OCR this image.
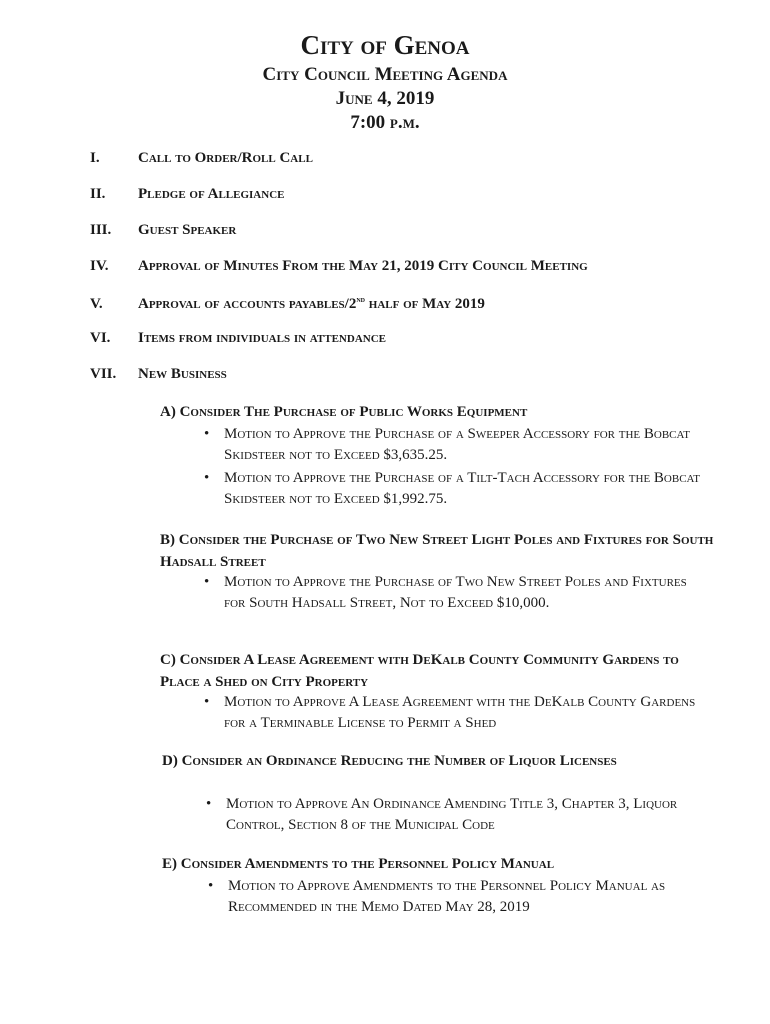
City of Genoa
City Council Meeting Agenda
June 4, 2019
7:00 p.m.
I.	Call to Order/Roll Call
II. Pledge of Allegiance
III. Guest Speaker
IV. Approval of Minutes From the May 21, 2019 City Council Meeting
V. Approval of accounts payables/2nd half of May 2019
VI. Items from individuals in attendance
VII. New Business
A) Consider The Purchase of Public Works Equipment
• Motion to Approve the Purchase of a Sweeper Accessory for the Bobcat Skidsteer not to Exceed $3,635.25.
• Motion to Approve the Purchase of a Tilt-Tach Accessory for the Bobcat Skidsteer not to Exceed $1,992.75.
B) Consider the Purchase of Two New Street Light Poles and Fixtures for South Hadsall Street
• Motion to Approve the Purchase of Two New Street Poles and Fixtures for South Hadsall Street, Not to Exceed $10,000.
C) Consider A Lease Agreement with DeKalb County Community Gardens to Place a Shed on City Property
• Motion to Approve A Lease Agreement with the DeKalb County Gardens for a Terminable License to Permit a Shed
D) Consider an Ordinance Reducing the Number of Liquor Licenses
• Motion to Approve An Ordinance Amending Title 3, Chapter 3, Liquor Control, Section 8 of the Municipal Code
E) Consider Amendments to the Personnel Policy Manual
• Motion to Approve Amendments to the Personnel Policy Manual as Recommended in the Memo Dated May 28, 2019
